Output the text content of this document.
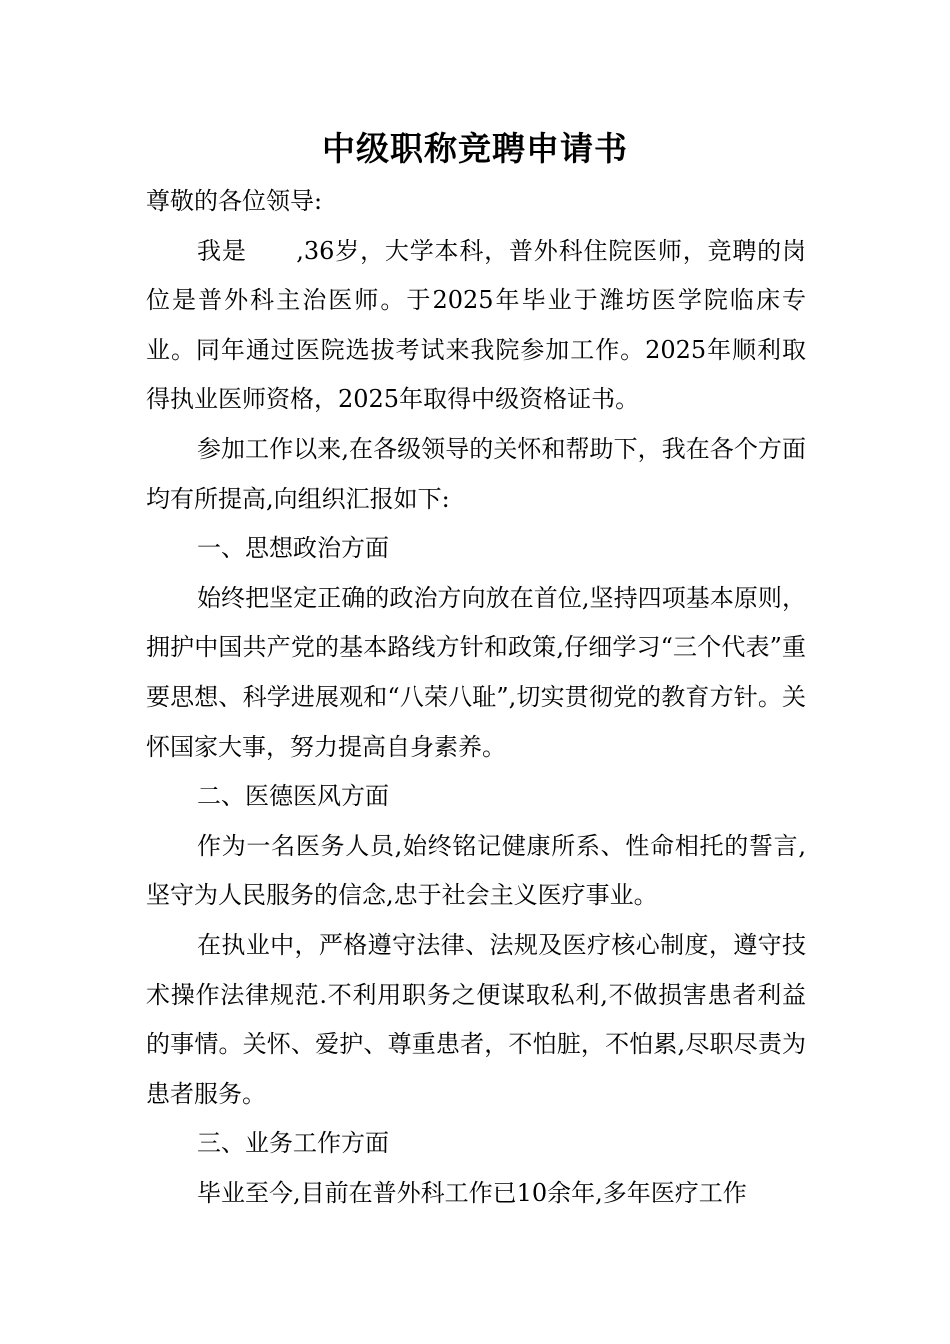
中级职称竞聘申请书

尊敬的各位领导:

我是　　,36岁，大学本科，普外科住院医师，竞聘的岗位是普外科主治医师。于2025年毕业于潍坊医学院临床专业。同年通过医院选拔考试来我院参加工作。2025年顺利取得执业医师资格，2025年取得中级资格证书。

参加工作以来,在各级领导的关怀和帮助下，我在各个方面均有所提高,向组织汇报如下:

一、思想政治方面

始终把坚定正确的政治方向放在首位,坚持四项基本原则，拥护中国共产党的基本路线方针和政策,仔细学习“三个代表”重要思想、科学进展观和“八荣八耻”,切实贯彻党的教育方针。关怀国家大事，努力提高自身素养。

二、医德医风方面

作为一名医务人员,始终铭记健康所系、性命相托的誓言,坚守为人民服务的信念,忠于社会主义医疗事业。

在执业中，严格遵守法律、法规及医疗核心制度，遵守技术操作法律规范.不利用职务之便谋取私利,不做损害患者利益的事情。关怀、爱护、尊重患者，不怕脏，不怕累,尽职尽责为患者服务。

三、业务工作方面

毕业至今,目前在普外科工作已10余年,多年医疗工作
